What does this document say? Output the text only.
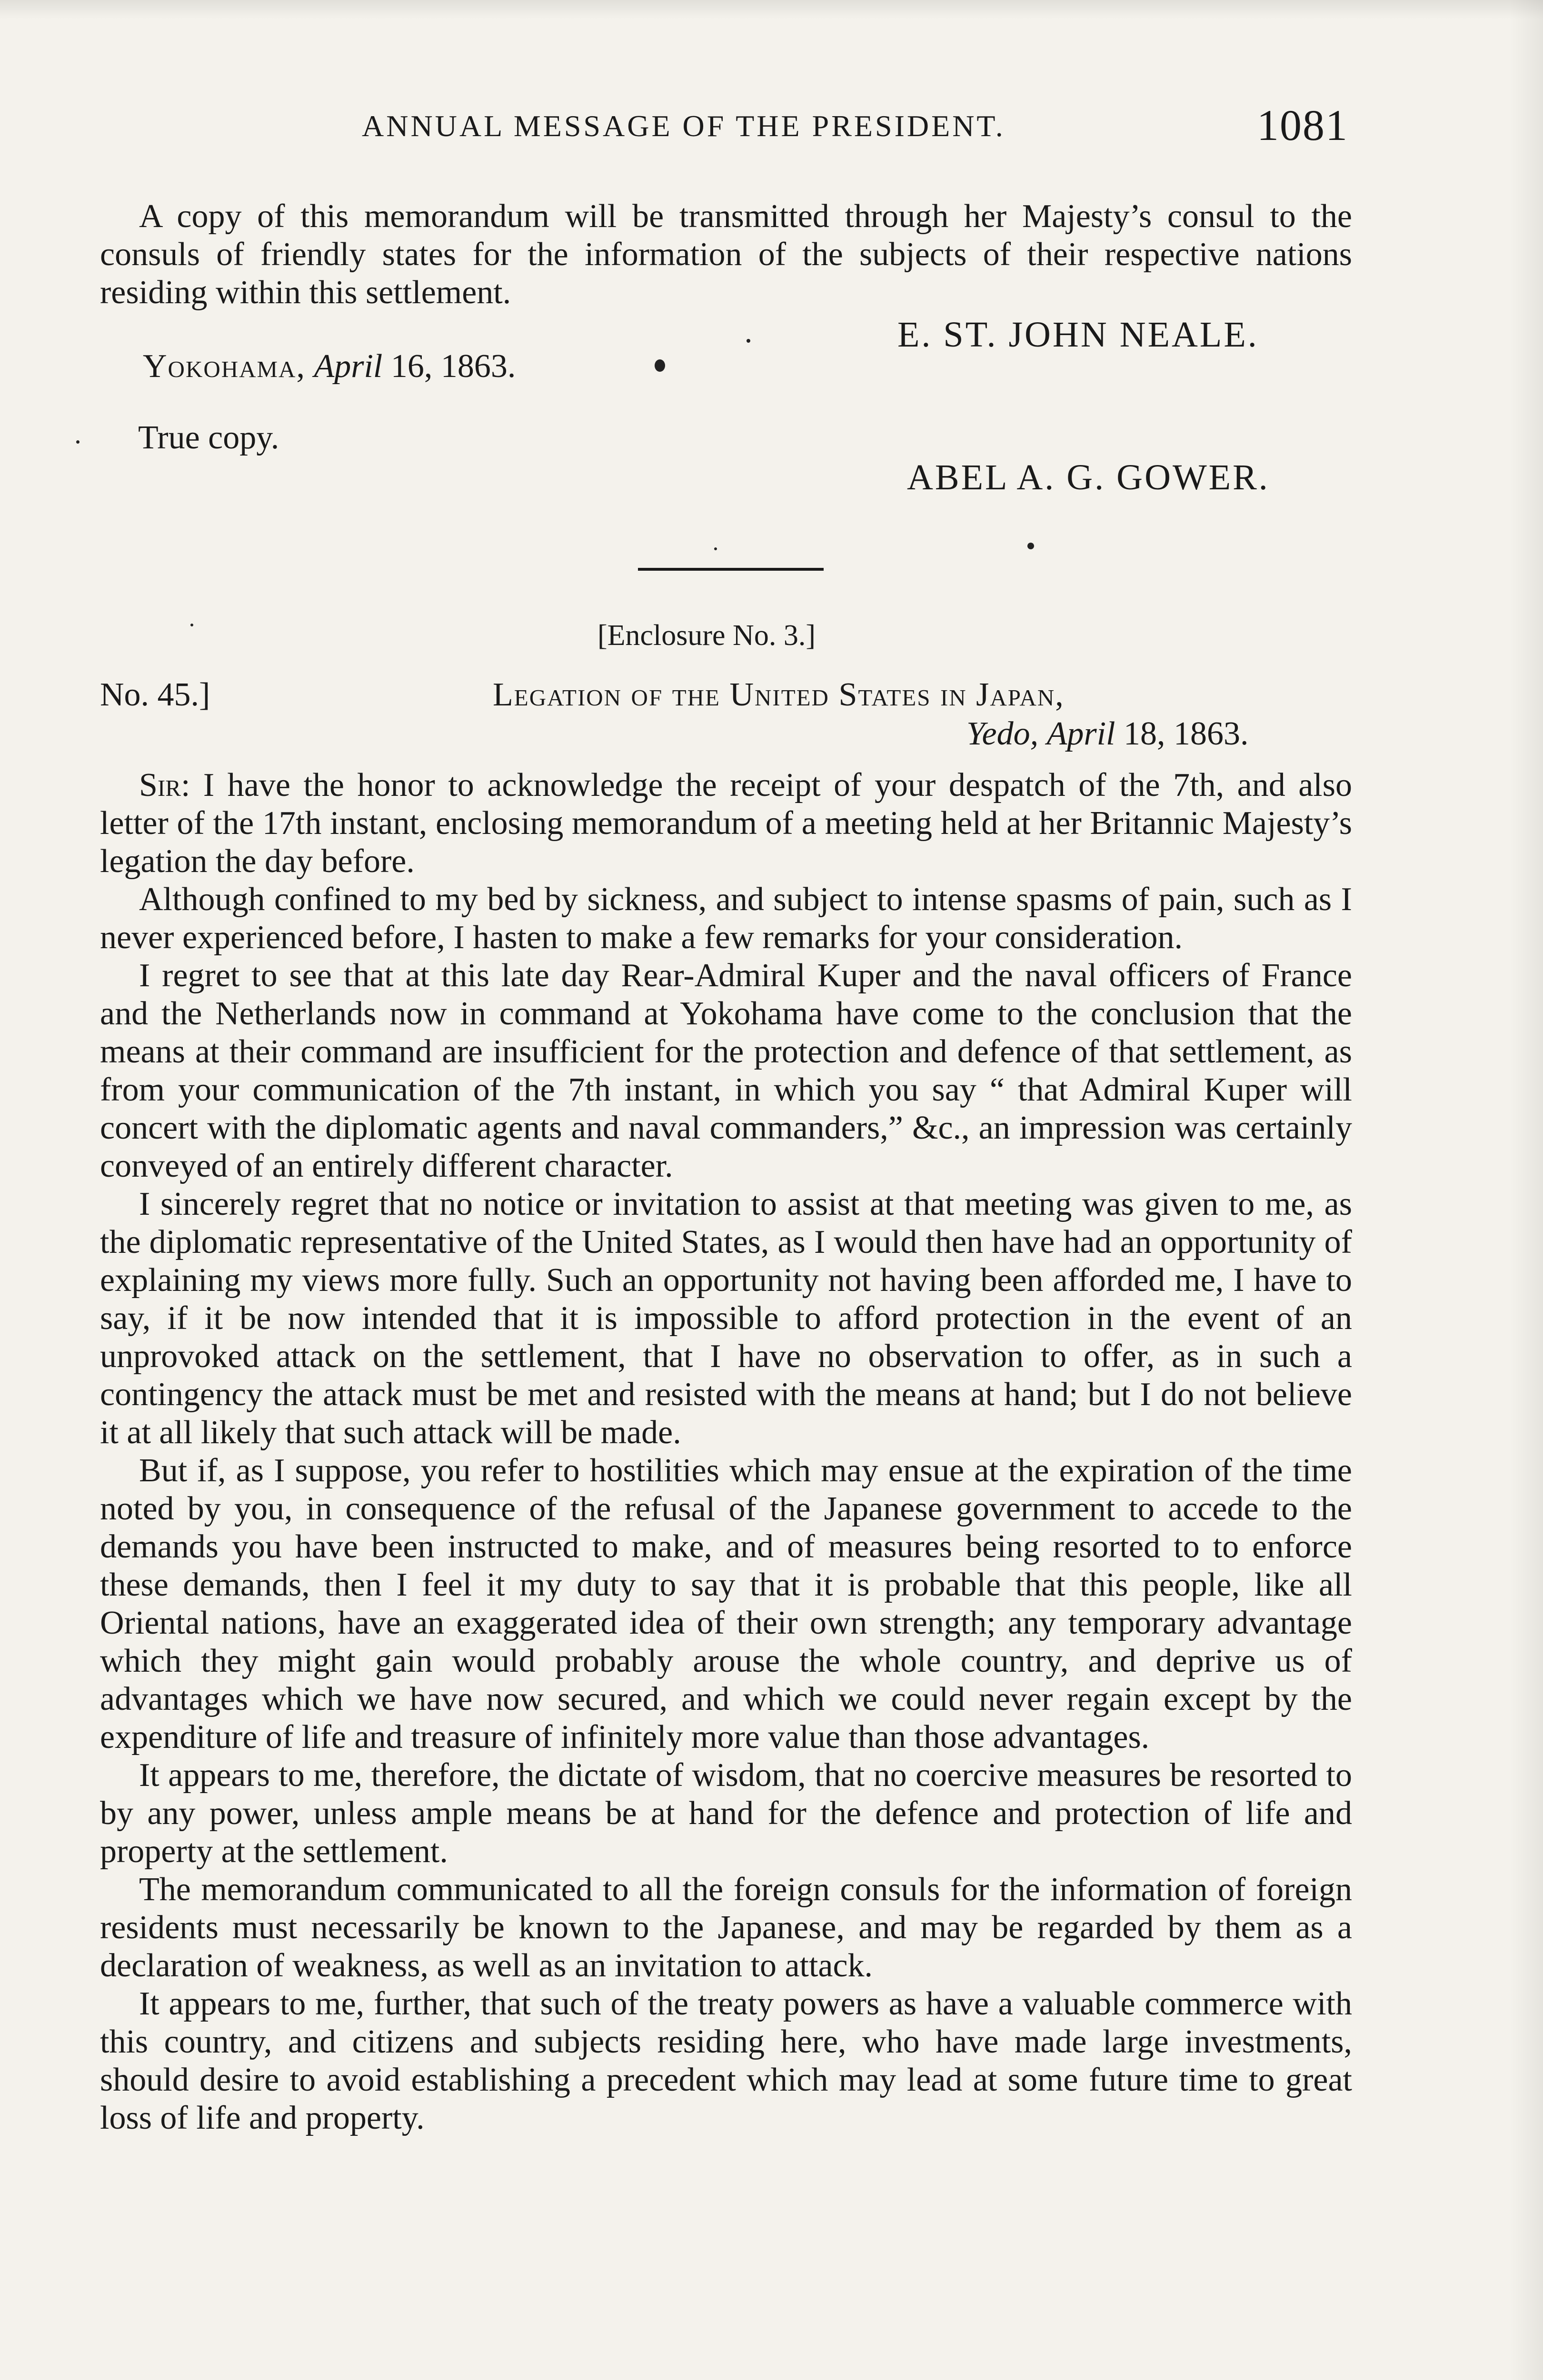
ANNUAL MESSAGE OF THE PRESIDENT.	1081

A copy of this memorandum will be transmitted through her Majesty’s consul to the consuls of friendly states for the information of the subjects of their respective nations residing within this settlement.

E. ST. JOHN NEALE.
Yokohama, April 16, 1863.
True copy.
ABEL A. G. GOWER.
[Enclosure No. 3.]
No. 45.]	Legation of the United States in Japan,
Yedo, April 18, 1863.

Sir: I have the honor to acknowledge the receipt of your despatch of the 7th, and also letter of the 17th instant, enclosing memorandum of a meeting held at her Britannic Majesty’s legation the day before.

Although confined to my bed by sickness, and subject to intense spasms of pain, such as I never experienced before, I hasten to make a few remarks for your consideration.

I regret to see that at this late day Rear-Admiral Kuper and the naval officers of France and the Netherlands now in command at Yokohama have come to the conclusion that the means at their command are insufficient for the protection and defence of that settlement, as from your communication of the 7th instant, in which you say “ that Admiral Kuper will concert with the diplomatic agents and naval commanders,” &c., an impression was certainly conveyed of an entirely different character.

I sincerely regret that no notice or invitation to assist at that meeting was given to me, as the diplomatic representative of the United States, as I would then have had an opportunity of explaining my views more fully. Such an opportunity not having been afforded me, I have to say, if it be now intended that it is impossible to afford protection in the event of an unprovoked attack on the settlement, that I have no observation to offer, as in such a contingency the attack must be met and resisted with the means at hand; but I do not believe it at all likely that such attack will be made.

But if, as I suppose, you refer to hostilities which may ensue at the expiration of the time noted by you, in consequence of the refusal of the Japanese government to accede to the demands you have been instructed to make, and of measures being resorted to to enforce these demands, then I feel it my duty to say that it is probable that this people, like all Oriental nations, have an exaggerated idea of their own strength; any temporary advantage which they might gain would probably arouse the whole country, and deprive us of advantages which we have now secured, and which we could never regain except by the expenditure of life and treasure of infinitely more value than those advantages.

It appears to me, therefore, the dictate of wisdom, that no coercive measures be resorted to by any power, unless ample means be at hand for the defence and protection of life and property at the settlement.

The memorandum communicated to all the foreign consuls for the information of foreign residents must necessarily be known to the Japanese, and may be regarded by them as a declaration of weakness, as well as an invitation to attack.

It appears to me, further, that such of the treaty powers as have a valuable commerce with this country, and citizens and subjects residing here, who have made large investments, should desire to avoid establishing a precedent which may lead at some future time to great loss of life and property.
